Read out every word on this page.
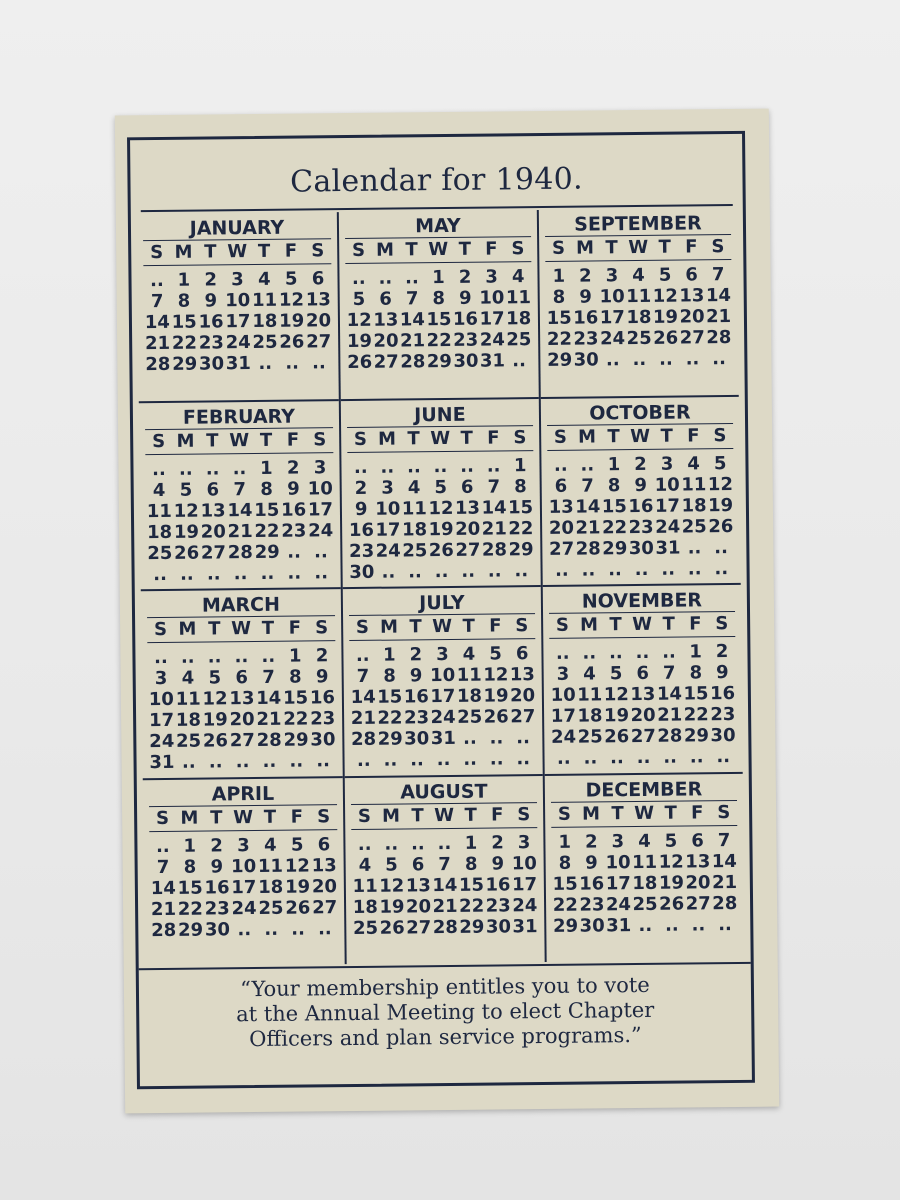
Calendar for 1940.
JANUARY
S M T W T F S
.. 1 2 3 4 5 6
7 8 9 10 11 12 13
14 15 16 17 18 19 20
21 22 23 24 25 26 27
28 29 30 31 .. .. ..
FEBRUARY
S M T W T F S
.. .. .. .. 1 2 3
4 5 6 7 8 9 10
11 12 13 14 15 16 17
18 19 20 21 22 23 24
25 26 27 28 29 .. ..
.. .. .. .. .. .. ..
MARCH
S M T W T F S
.. .. .. .. .. 1 2
3 4 5 6 7 8 9
10 11 12 13 14 15 16
17 18 19 20 21 22 23
24 25 26 27 28 29 30
31 .. .. .. .. .. ..
APRIL
S M T W T F S
.. 1 2 3 4 5 6
7 8 9 10 11 12 13
14 15 16 17 18 19 20
21 22 23 24 25 26 27
28 29 30 .. .. .. ..
MAY
S M T W T F S
.. .. .. 1 2 3 4
5 6 7 8 9 10 11
12 13 14 15 16 17 18
19 20 21 22 23 24 25
26 27 28 29 30 31 ..
JUNE
S M T W T F S
.. .. .. .. .. .. 1
2 3 4 5 6 7 8
9 10 11 12 13 14 15
16 17 18 19 20 21 22
23 24 25 26 27 28 29
30 .. .. .. .. .. ..
JULY
S M T W T F S
.. 1 2 3 4 5 6
7 8 9 10 11 12 13
14 15 16 17 18 19 20
21 22 23 24 25 26 27
28 29 30 31 .. .. ..
.. .. .. .. .. .. ..
AUGUST
S M T W T F S
.. .. .. .. 1 2 3
4 5 6 7 8 9 10
11 12 13 14 15 16 17
18 19 20 21 22 23 24
25 26 27 28 29 30 31
SEPTEMBER
S M T W T F S
1 2 3 4 5 6 7
8 9 10 11 12 13 14
15 16 17 18 19 20 21
22 23 24 25 26 27 28
29 30 .. .. .. .. ..
OCTOBER
S M T W T F S
.. .. 1 2 3 4 5
6 7 8 9 10 11 12
13 14 15 16 17 18 19
20 21 22 23 24 25 26
27 28 29 30 31 .. ..
.. .. .. .. .. .. ..
NOVEMBER
S M T W T F S
.. .. .. .. .. 1 2
3 4 5 6 7 8 9
10 11 12 13 14 15 16
17 18 19 20 21 22 23
24 25 26 27 28 29 30
.. .. .. .. .. .. ..
DECEMBER
S M T W T F S
1 2 3 4 5 6 7
8 9 10 11 12 13 14
15 16 17 18 19 20 21
22 23 24 25 26 27 28
29 30 31 .. .. .. ..
“Your membership entitles you to vote
at the Annual Meeting to elect Chapter
Officers and plan service programs.”
